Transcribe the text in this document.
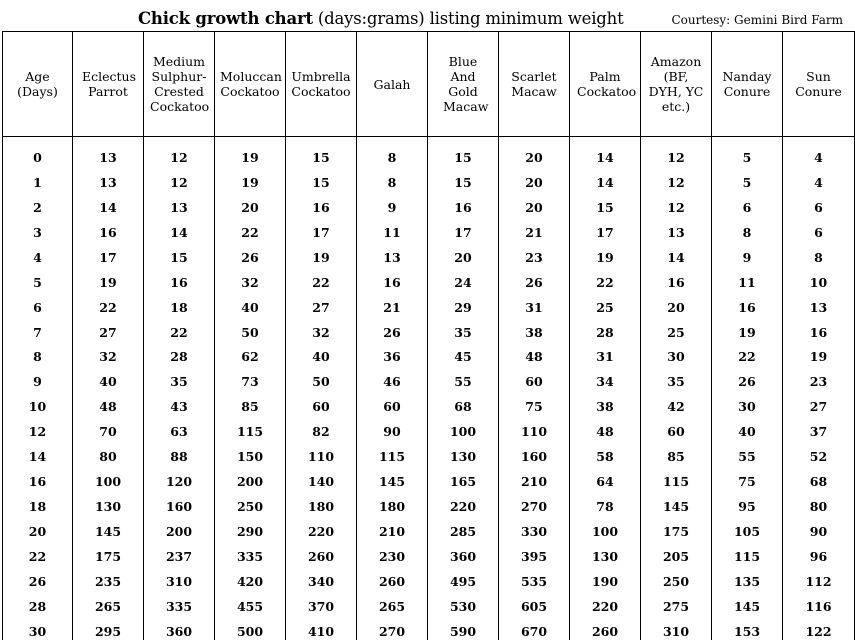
Chick growth chart (days:grams) listing minimum weight	Courtesy: Gemini Bird Farm
Age (Days)	Eclectus Parrot	Medium Sulphur-Crested Cockatoo	Moluccan Cockatoo	Umbrella Cockatoo	Galah	Blue And Gold Macaw	Scarlet Macaw	Palm Cockatoo	Amazon (BF, DYH, YC etc.)	Nanday Conure	Sun Conure

0	13	12	19	15	8	15	20	14	12	5	4
1	13	12	19	15	8	15	20	14	12	5	4
2	14	13	20	16	9	16	20	15	12	6	6
3	16	14	22	17	11	17	21	17	13	8	6
4	17	15	26	19	13	20	23	19	14	9	8
5	19	16	32	22	16	24	26	22	16	11	10
6	22	18	40	27	21	29	31	25	20	16	13
7	27	22	50	32	26	35	38	28	25	19	16
8	32	28	62	40	36	45	48	31	30	22	19
9	40	35	73	50	46	55	60	34	35	26	23
10	48	43	85	60	60	68	75	38	42	30	27
12	70	63	115	82	90	100	110	48	60	40	37
14	80	88	150	110	115	130	160	58	85	55	52
16	100	120	200	140	145	165	210	64	115	75	68
18	130	160	250	180	180	220	270	78	145	95	80
20	145	200	290	220	210	285	330	100	175	105	90
22	175	237	335	260	230	360	395	130	205	115	96
26	235	310	420	340	260	495	535	190	250	135	112
28	265	335	455	370	265	530	605	220	275	145	116
30	295	360	500	410	270	590	670	260	310	153	122
